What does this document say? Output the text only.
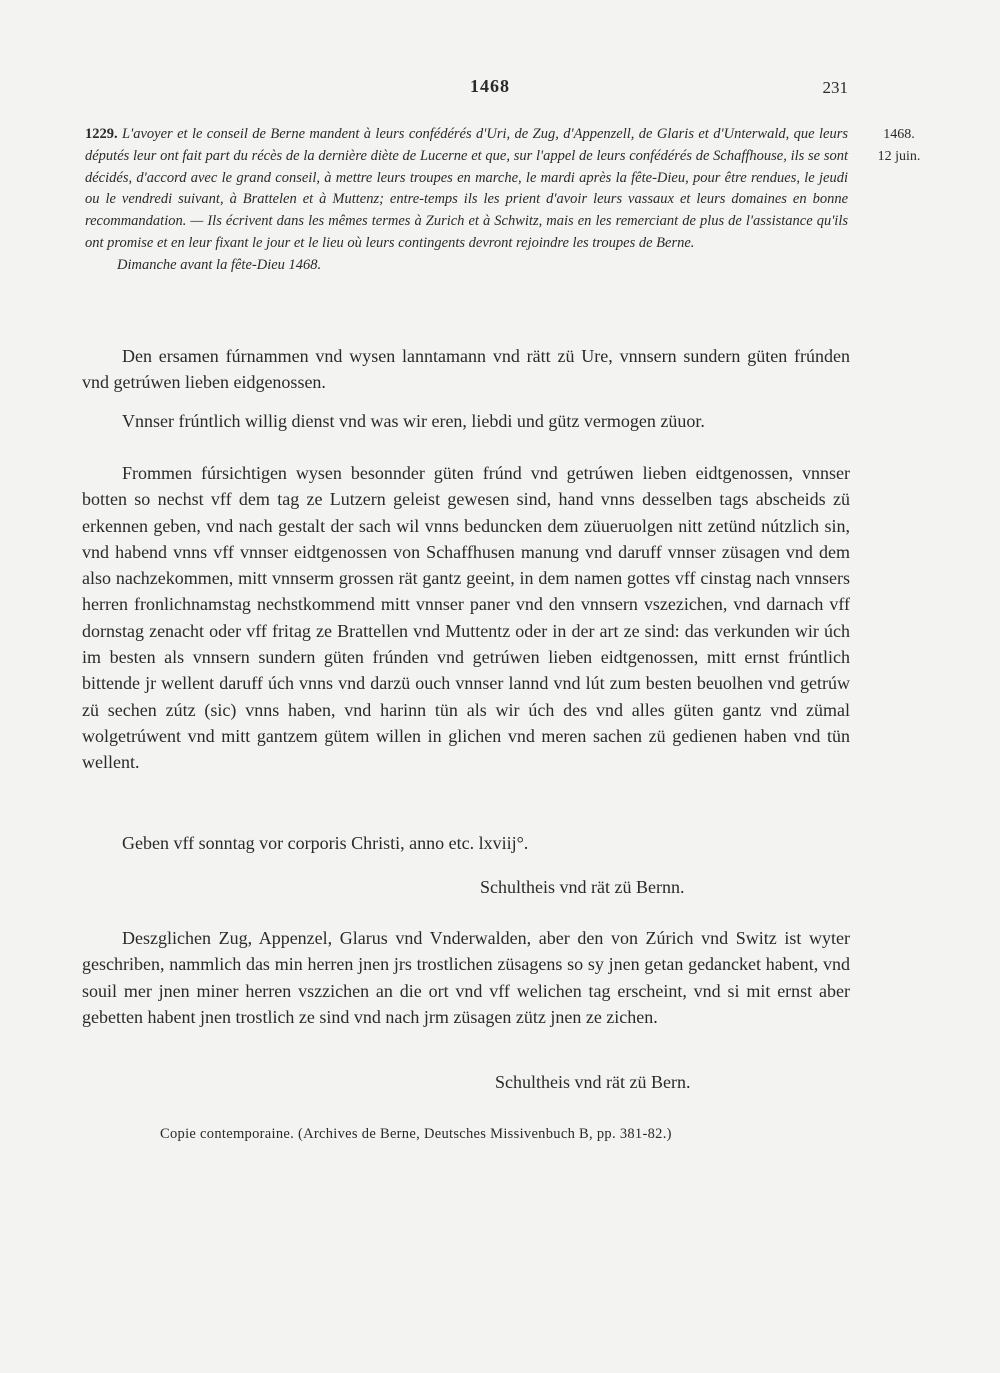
1468	231
1468.
12 juin.
1229. L'avoyer et le conseil de Berne mandent à leurs confédérés d'Uri, de Zug, d'Appenzell, de Glaris et d'Unterwald, que leurs députés leur ont fait part du récès de la dernière diète de Lucerne et que, sur l'appel de leurs confédérés de Schaffhouse, ils se sont décidés, d'accord avec le grand conseil, à mettre leurs troupes en marche, le mardi après la fête-Dieu, pour être rendues, le jeudi ou le vendredi suivant, à Brattelen et à Muttenz; entre-temps ils les prient d'avoir leurs vassaux et leurs domaines en bonne recommandation. — Ils écrivent dans les mêmes termes à Zurich et à Schwitz, mais en les remerciant de plus de l'assistance qu'ils ont promise et en leur fixant le jour et le lieu où leurs contingents devront rejoindre les troupes de Berne.
Dimanche avant la fête-Dieu 1468.

Den ersamen fúrnammen vnd wysen lanntamann vnd rätt zü Ure, vnnsern sundern güten frúnden vnd getrúwen lieben eidgenossen.

Vnnser frúntlich willig dienst vnd was wir eren, liebdi und gütz vermogen züuor.

Frommen fúrsichtigen wysen besonnder güten frúnd vnd getrúwen lieben eidtgenossen, vnnser botten so nechst vff dem tag ze Lutzern geleist gewesen sind, hand vnns desselben tags abscheids zü erkennen geben, vnd nach gestalt der sach wil vnns beduncken dem züueruolgen nitt zetünd nútzlich sin, vnd habend vnns vff vnnser eidtgenossen von Schaffhusen manung vnd daruff vnnser züsagen vnd dem also nachzekommen, mitt vnnserm grossen rät gantz geeint, in dem namen gottes vff cinstag nach vnnsers herren fronlichnamstag nechstkommend mitt vnnser paner vnd den vnnsern vszezichen, vnd darnach vff dornstag zenacht oder vff fritag ze Brattellen vnd Muttentz oder in der art ze sind: das verkunden wir úch im besten als vnnsern sundern güten frúnden vnd getrúwen lieben eidtgenossen, mitt ernst frúntlich bittende jr wellent daruff úch vnns vnd darzü ouch vnnser lannd vnd lút zum besten beuolhen vnd getrúw zü sechen zútz (sic) vnns haben, vnd harinn tün als wir úch des vnd alles güten gantz vnd zümal wolgetrúwent vnd mitt gantzem gütem willen in glichen vnd meren sachen zü gedienen haben vnd tün wellent.

Geben vff sonntag vor corporis Christi, anno etc. lxviij°.

Schultheis vnd rät zü Bernn.

Deszglichen Zug, Appenzel, Glarus vnd Vnderwalden, aber den von Zúrich vnd Switz ist wyter geschriben, nammlich das min herren jnen jrs trostlichen züsagens so sy jnen getan gedancket habent, vnd souil mer jnen miner herren vszzichen an die ort vnd vff welichen tag erscheint, vnd si mit ernst aber gebetten habent jnen trostlich ze sind vnd nach jrm züsagen zütz jnen ze zichen.

Schultheis vnd rät zü Bern.
Copie contemporaine. (Archives de Berne, Deutsches Missivenbuch B, pp. 381-82.)
